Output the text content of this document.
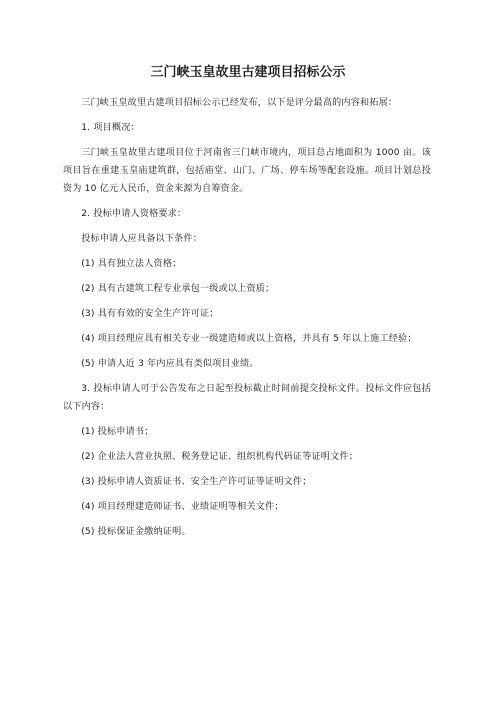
三门峡玉皇故里古建项目招标公示

三门峡玉皇故里古建项目招标公示已经发布，以下是评分最高的内容和拓展：

1. 项目概况：

三门峡玉皇故里古建项目位于河南省三门峡市境内，项目总占地面积为 1000 亩。该项目旨在重建玉皇庙建筑群，包括庙堂、山门、广场、停车场等配套设施。项目计划总投资为 10 亿元人民币，资金来源为自筹资金。

2. 投标申请人资格要求：

投标申请人应具备以下条件：

(1) 具有独立法人资格；

(2) 具有古建筑工程专业承包一级或以上资质；

(3) 具有有效的安全生产许可证；

(4) 项目经理应具有相关专业一级建造师或以上资格，并具有 5 年以上施工经验；

(5) 申请人近 3 年内应具有类似项目业绩。

3. 投标申请人可于公告发布之日起至投标截止时间前提交投标文件。投标文件应包括以下内容：

(1) 投标申请书；

(2) 企业法人营业执照、税务登记证、组织机构代码证等证明文件；

(3) 投标申请人资质证书、安全生产许可证等证明文件；

(4) 项目经理建造师证书、业绩证明等相关文件；

(5) 投标保证金缴纳证明。
